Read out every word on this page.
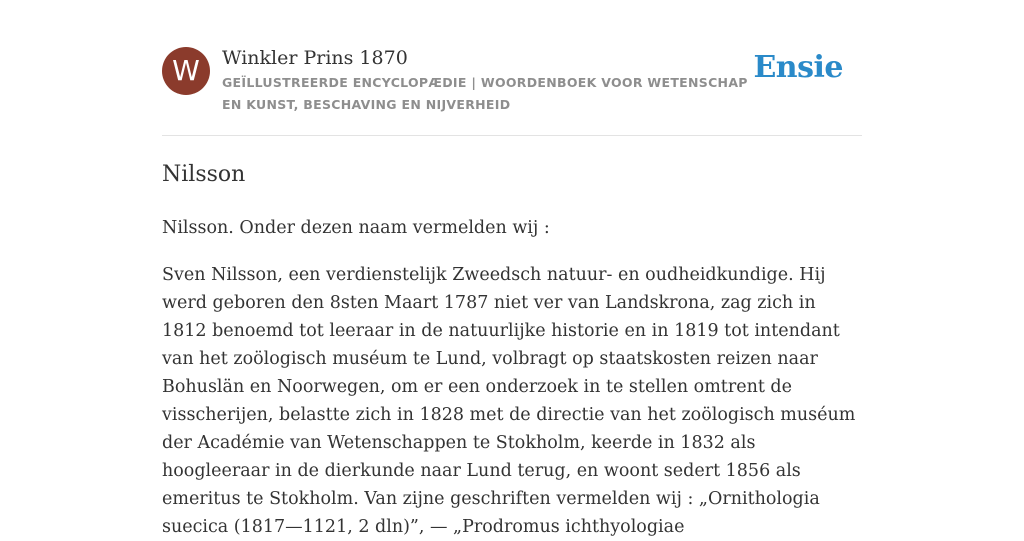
W	Winkler Prins 1870

GEÏLLUSTREERDE ENCYCLOPÆDIE | WOORDENBOEK VOOR WETENSCHAP EN KUNST, BESCHAVING EN NIJVERHEID

Ensie
Nilsson

Nilsson. Onder dezen naam vermelden wij :

Sven Nilsson, een verdienstelijk Zweedsch natuur- en oudheidkundige. Hij werd geboren den 8sten Maart 1787 niet ver van Landskrona, zag zich in 1812 benoemd tot leeraar in de natuurlijke historie en in 1819 tot intendant van het zoölogisch muséum te Lund, volbragt op staatskosten reizen naar Bohuslän en Noorwegen, om er een onderzoek in te stellen omtrent de visscherijen, belastte zich in 1828 met de directie van het zoölogisch muséum der Académie van Wetenschappen te Stokholm, keerde in 1832 als hoogleeraar in de dierkunde naar Lund terug, en woont sedert 1856 als emeritus te Stokholm. Van zijne geschriften vermelden wij : „Ornithologia suecica (1817—1121, 2 dln)”, — „Prodromus ichthyologiae
